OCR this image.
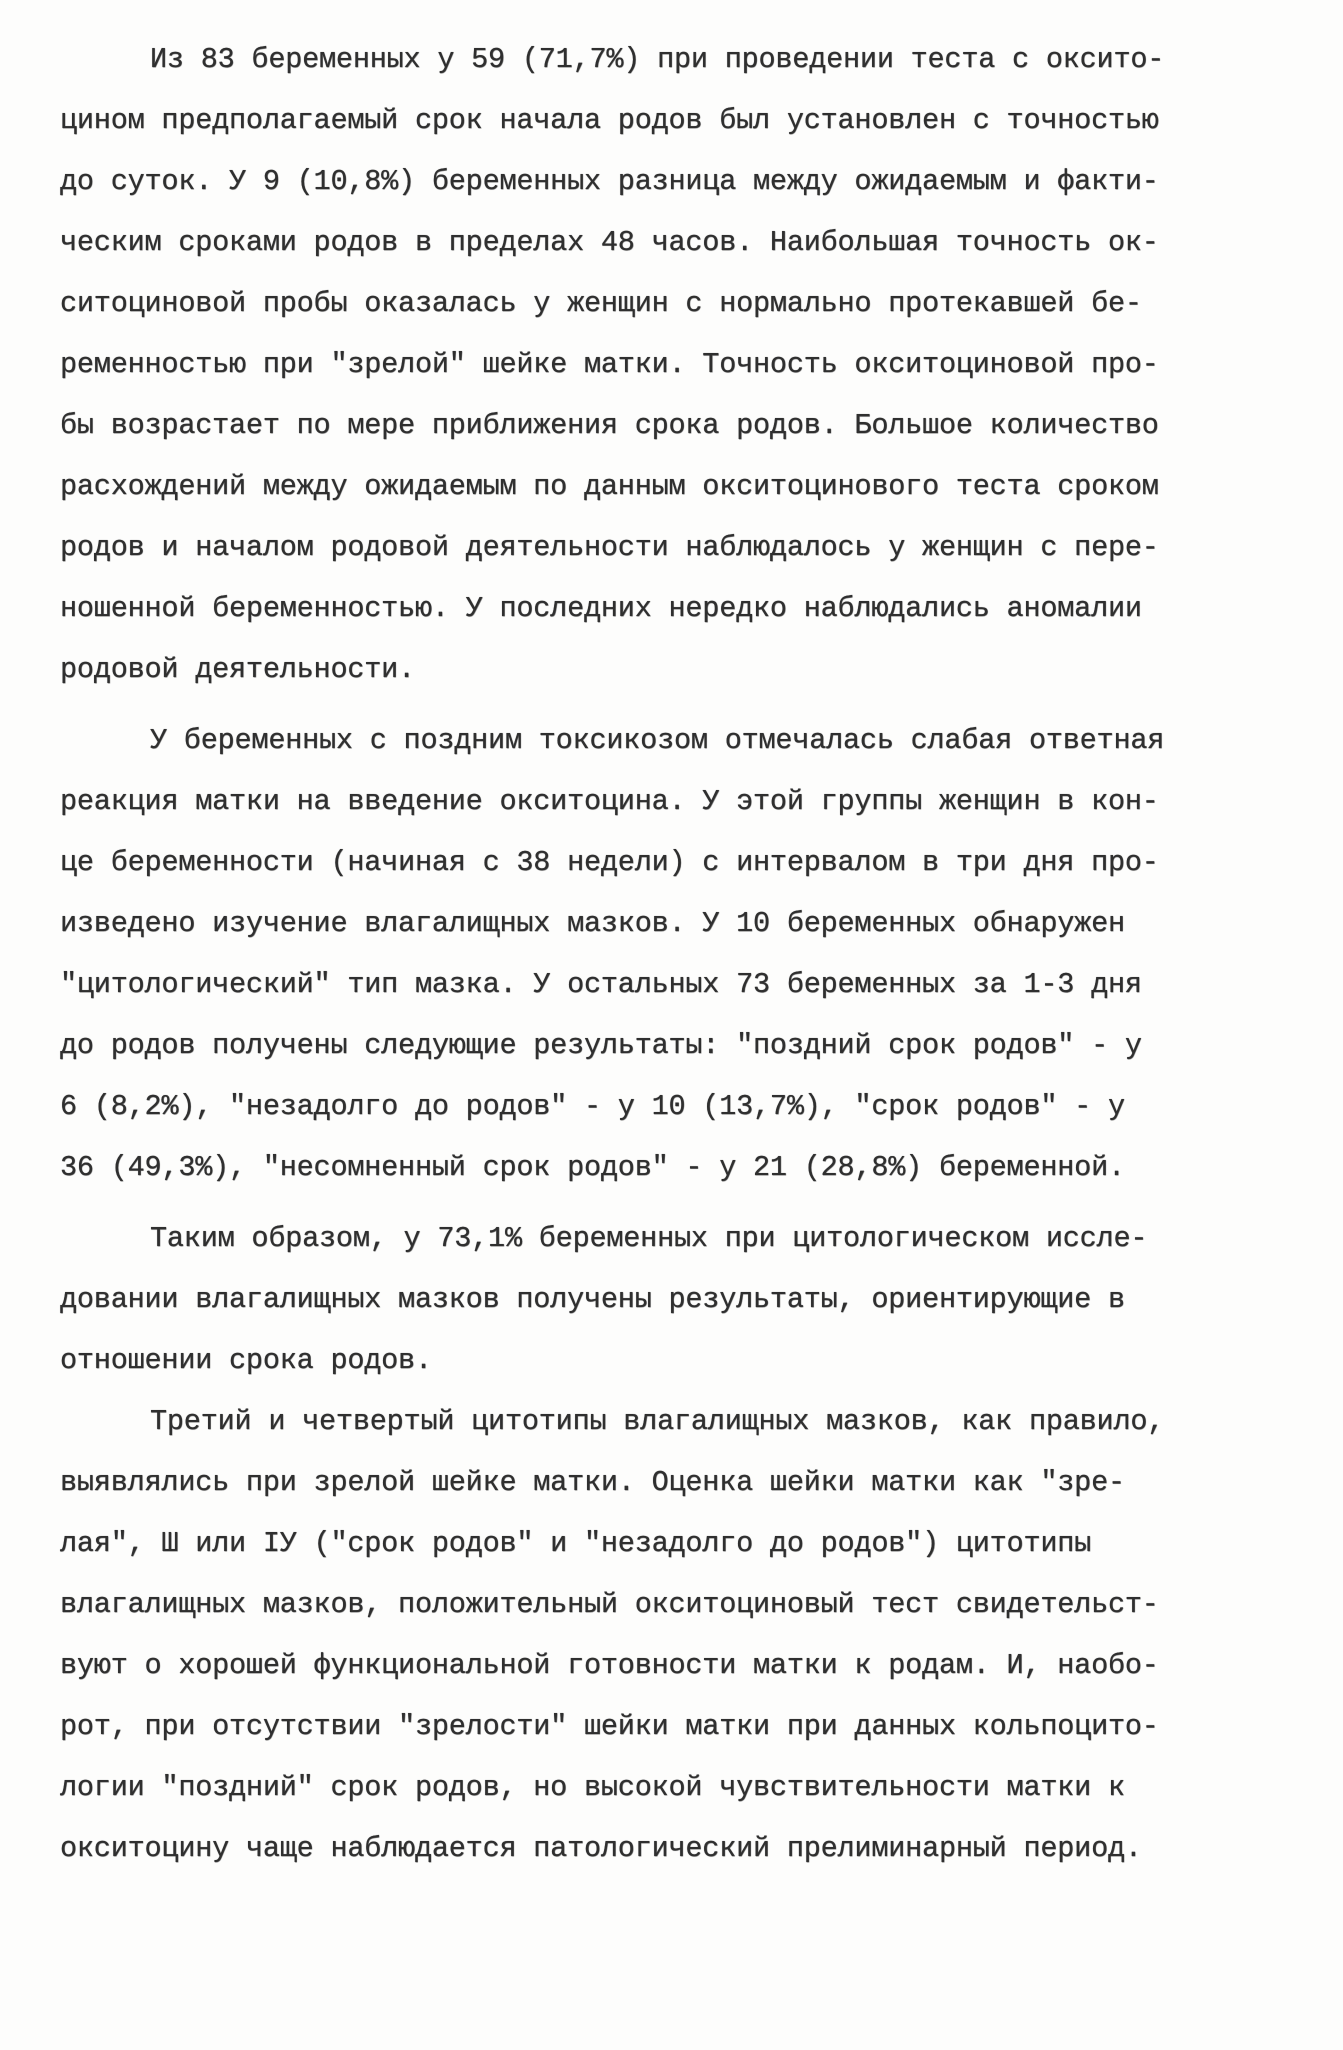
Из 83 беременных у 59 (71,7%) при проведении теста с оксито-
цином предполагаемый срок начала родов был установлен с точностью
до суток. У 9 (10,8%) беременных разница между ожидаемым и факти-
ческим сроками родов в пределах 48 часов. Наибольшая точность ок-
ситоциновой пробы оказалась у женщин с нормально протекавшей бе-
ременностью при "зрелой" шейке матки. Точность окситоциновой про-
бы возрастает по мере приближения срока родов. Большое количество
расхождений между ожидаемым по данным окситоцинового теста сроком
родов и началом родовой деятельности наблюдалось у женщин с пере-
ношенной беременностью. У последних нередко наблюдались аномалии
родовой деятельности.
У беременных с поздним токсикозом отмечалась слабая ответная
реакция матки на введение окситоцина. У этой группы женщин в кон-
це беременности (начиная с 38 недели) с интервалом в три дня про-
изведено изучение влагалищных мазков. У 10 беременных обнаружен
"цитологический" тип мазка. У остальных 73 беременных за 1-3 дня
до родов получены следующие результаты: "поздний срок родов" - у
6 (8,2%), "незадолго до родов" - у 10 (13,7%), "срок родов" - у
36 (49,3%), "несомненный срок родов" - у 21 (28,8%) беременной.
Таким образом, у 73,1% беременных при цитологическом иссле-
довании влагалищных мазков получены результаты, ориентирующие в
отношении срока родов.
Третий и четвертый цитотипы влагалищных мазков, как правило,
выявлялись при зрелой шейке матки. Оценка шейки матки как "зре-
лая", Ш или IУ ("срок родов" и "незадолго до родов") цитотипы
влагалищных мазков, положительный окситоциновый тест свидетельст-
вуют о хорошей функциональной готовности матки к родам. И, наобо-
рот, при отсутствии "зрелости" шейки матки при данных кольпоцито-
логии "поздний" срок родов, но высокой чувствительности матки к
окситоцину чаще наблюдается патологический прелиминарный период.
